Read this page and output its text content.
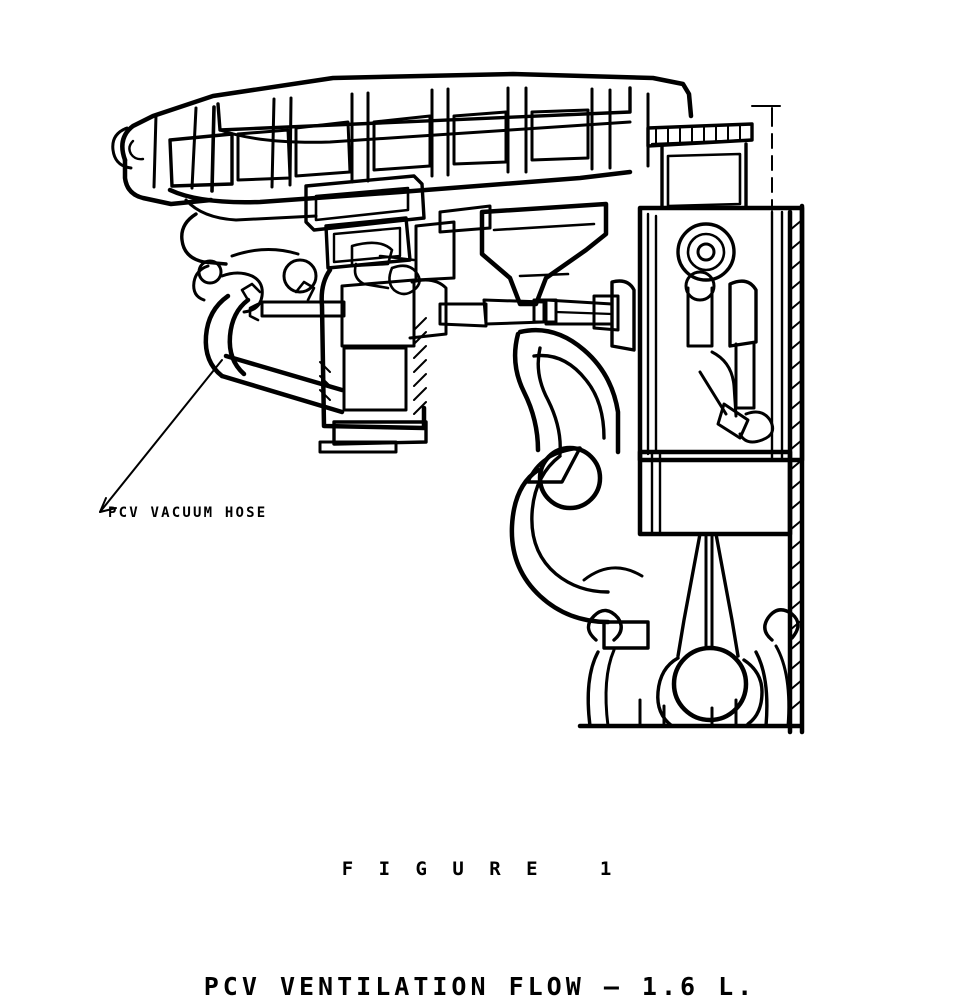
PCV VACUUM HOSE
F I G U R E   1
PCV VENTILATION FLOW — 1.6 L.
